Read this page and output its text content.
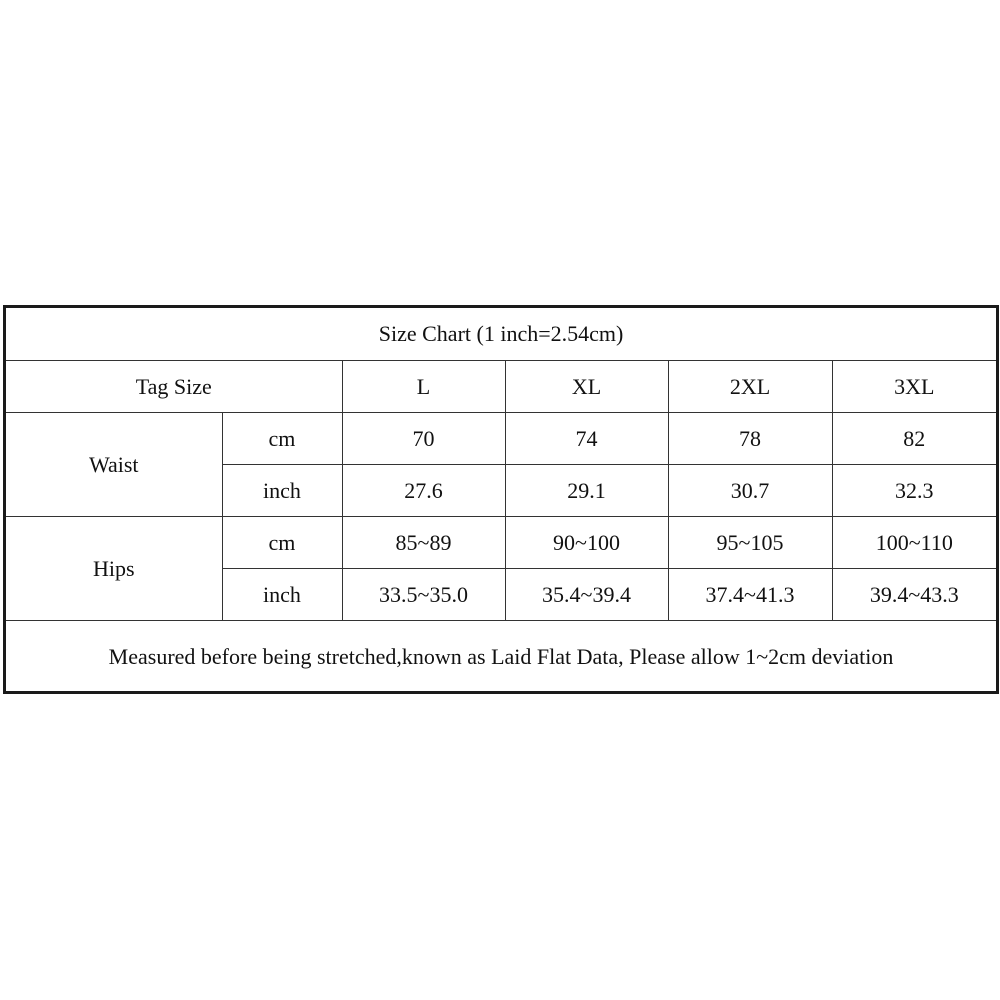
Size Chart (1 inch=2.54cm)					
Tag Size		L	XL	2XL	3XL
Waist	cm	70	74	78	82
	inch	27.6	29.1	30.7	32.3
Hips	cm	85~89	90~100	95~105	100~110
	inch	33.5~35.0	35.4~39.4	37.4~41.3	39.4~43.3
Measured before being stretched,known as Laid Flat Data, Please allow 1~2cm deviation					
